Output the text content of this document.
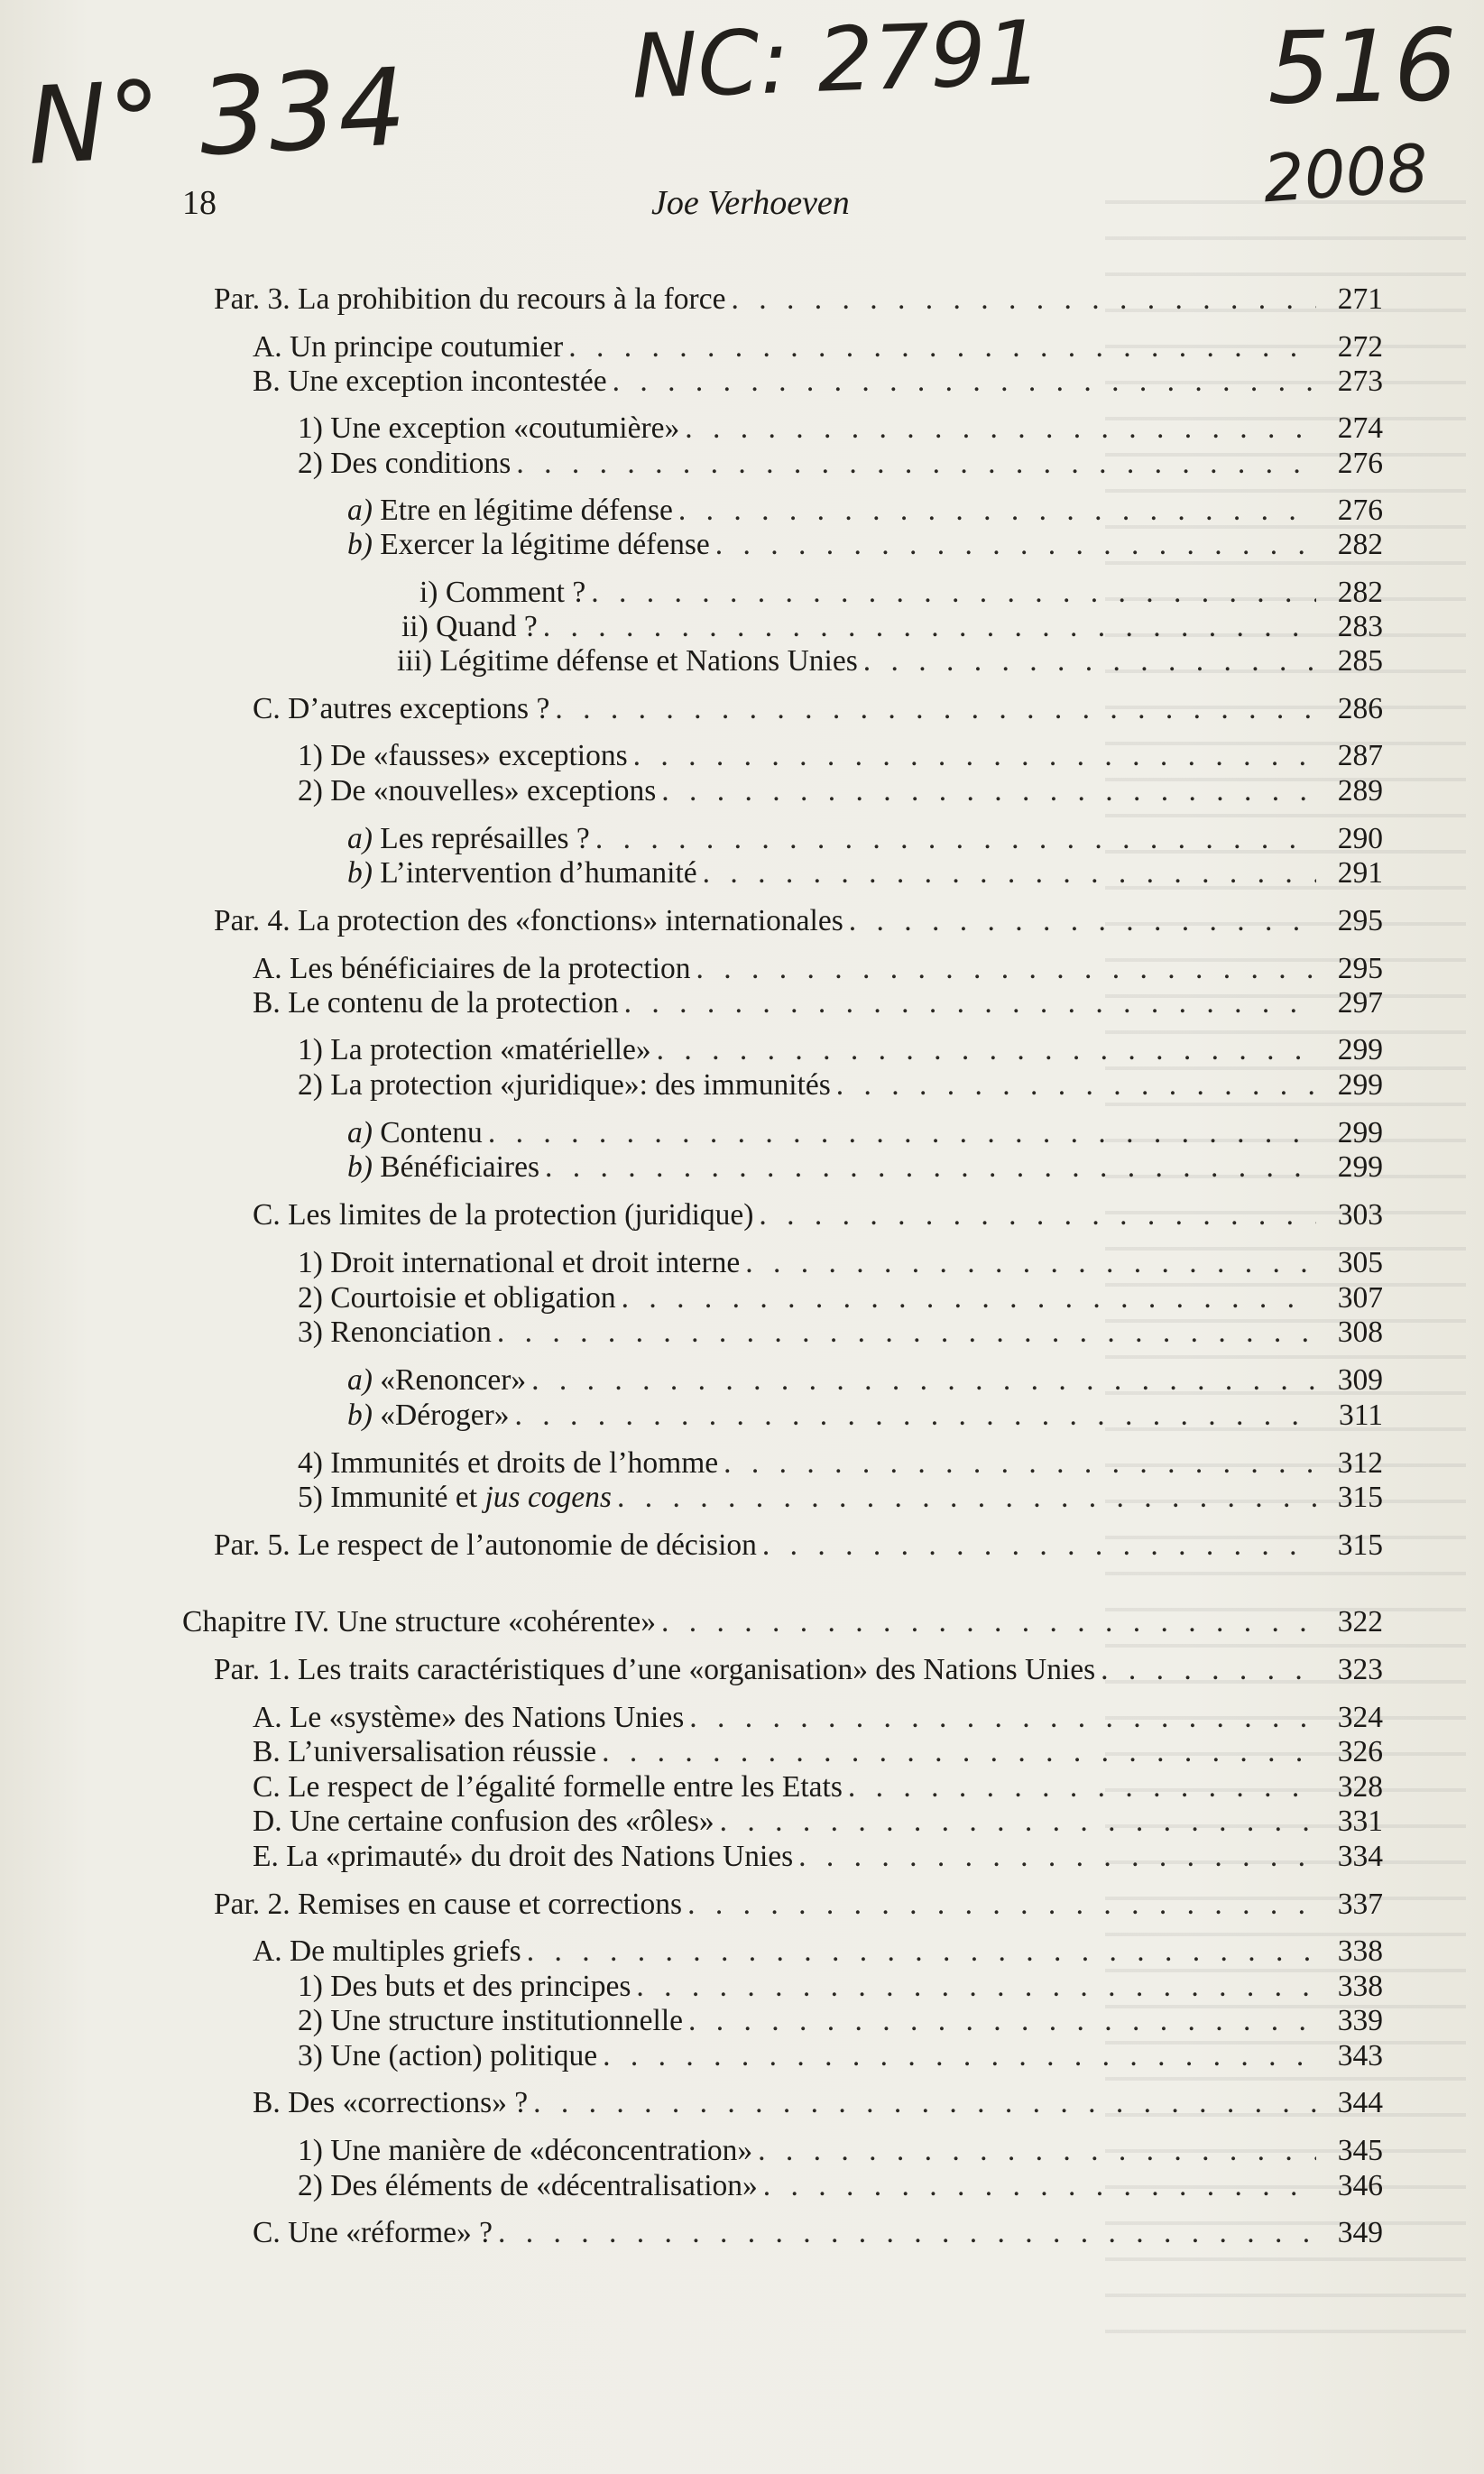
N° 334 NC: 2791 516
2008
18	Joe Verhoeven
Par. 3. La prohibition du recours à la force . . .	271
A. Un principe coutumier . . .	272
B. Une exception incontestée . . .	273
1) Une exception «coutumière» . . .	274
2) Des conditions . . .	276
a) Etre en légitime défense . . .	276
b) Exercer la légitime défense . . .	282
i) Comment ? . . .	282
ii) Quand ? . . .	283
iii) Légitime défense et Nations Unies . . .	285
C. D’autres exceptions ? . . .	286
1) De «fausses» exceptions . . .	287
2) De «nouvelles» exceptions . . .	289
a) Les représailles ? . . .	290
b) L’intervention d’humanité . . .	291
Par. 4. La protection des «fonctions» internationales . . .	295
A. Les bénéficiaires de la protection . . .	295
B. Le contenu de la protection . . .	297
1) La protection «matérielle» . . .	299
2) La protection «juridique»: des immunités . . .	299
a) Contenu . . .	299
b) Bénéficiaires . . .	299
C. Les limites de la protection (juridique) . . .	303
1) Droit international et droit interne . . .	305
2) Courtoisie et obligation . . .	307
3) Renonciation . . .	308
a) «Renoncer» . . .	309
b) «Déroger» . . .	311
4) Immunités et droits de l’homme . . .	312
5) Immunité et jus cogens . . .	315
Par. 5. Le respect de l’autonomie de décision . . .	315
Chapitre IV. Une structure «cohérente» . . .	322
Par. 1. Les traits caractéristiques d’une «organisation» des Nations Unies . . .	323
A. Le «système» des Nations Unies . . .	324
B. L’universalisation réussie . . .	326
C. Le respect de l’égalité formelle entre les Etats . . .	328
D. Une certaine confusion des «rôles» . . .	331
E. La «primauté» du droit des Nations Unies . . .	334
Par. 2. Remises en cause et corrections . . .	337
A. De multiples griefs . . .	338
1) Des buts et des principes . . .	338
2) Une structure institutionnelle . . .	339
3) Une (action) politique . . .	343
B. Des «corrections» ? . . .	344
1) Une manière de «déconcentration» . . .	345
2) Des éléments de «décentralisation» . . .	346
C. Une «réforme» ? . . .	349
